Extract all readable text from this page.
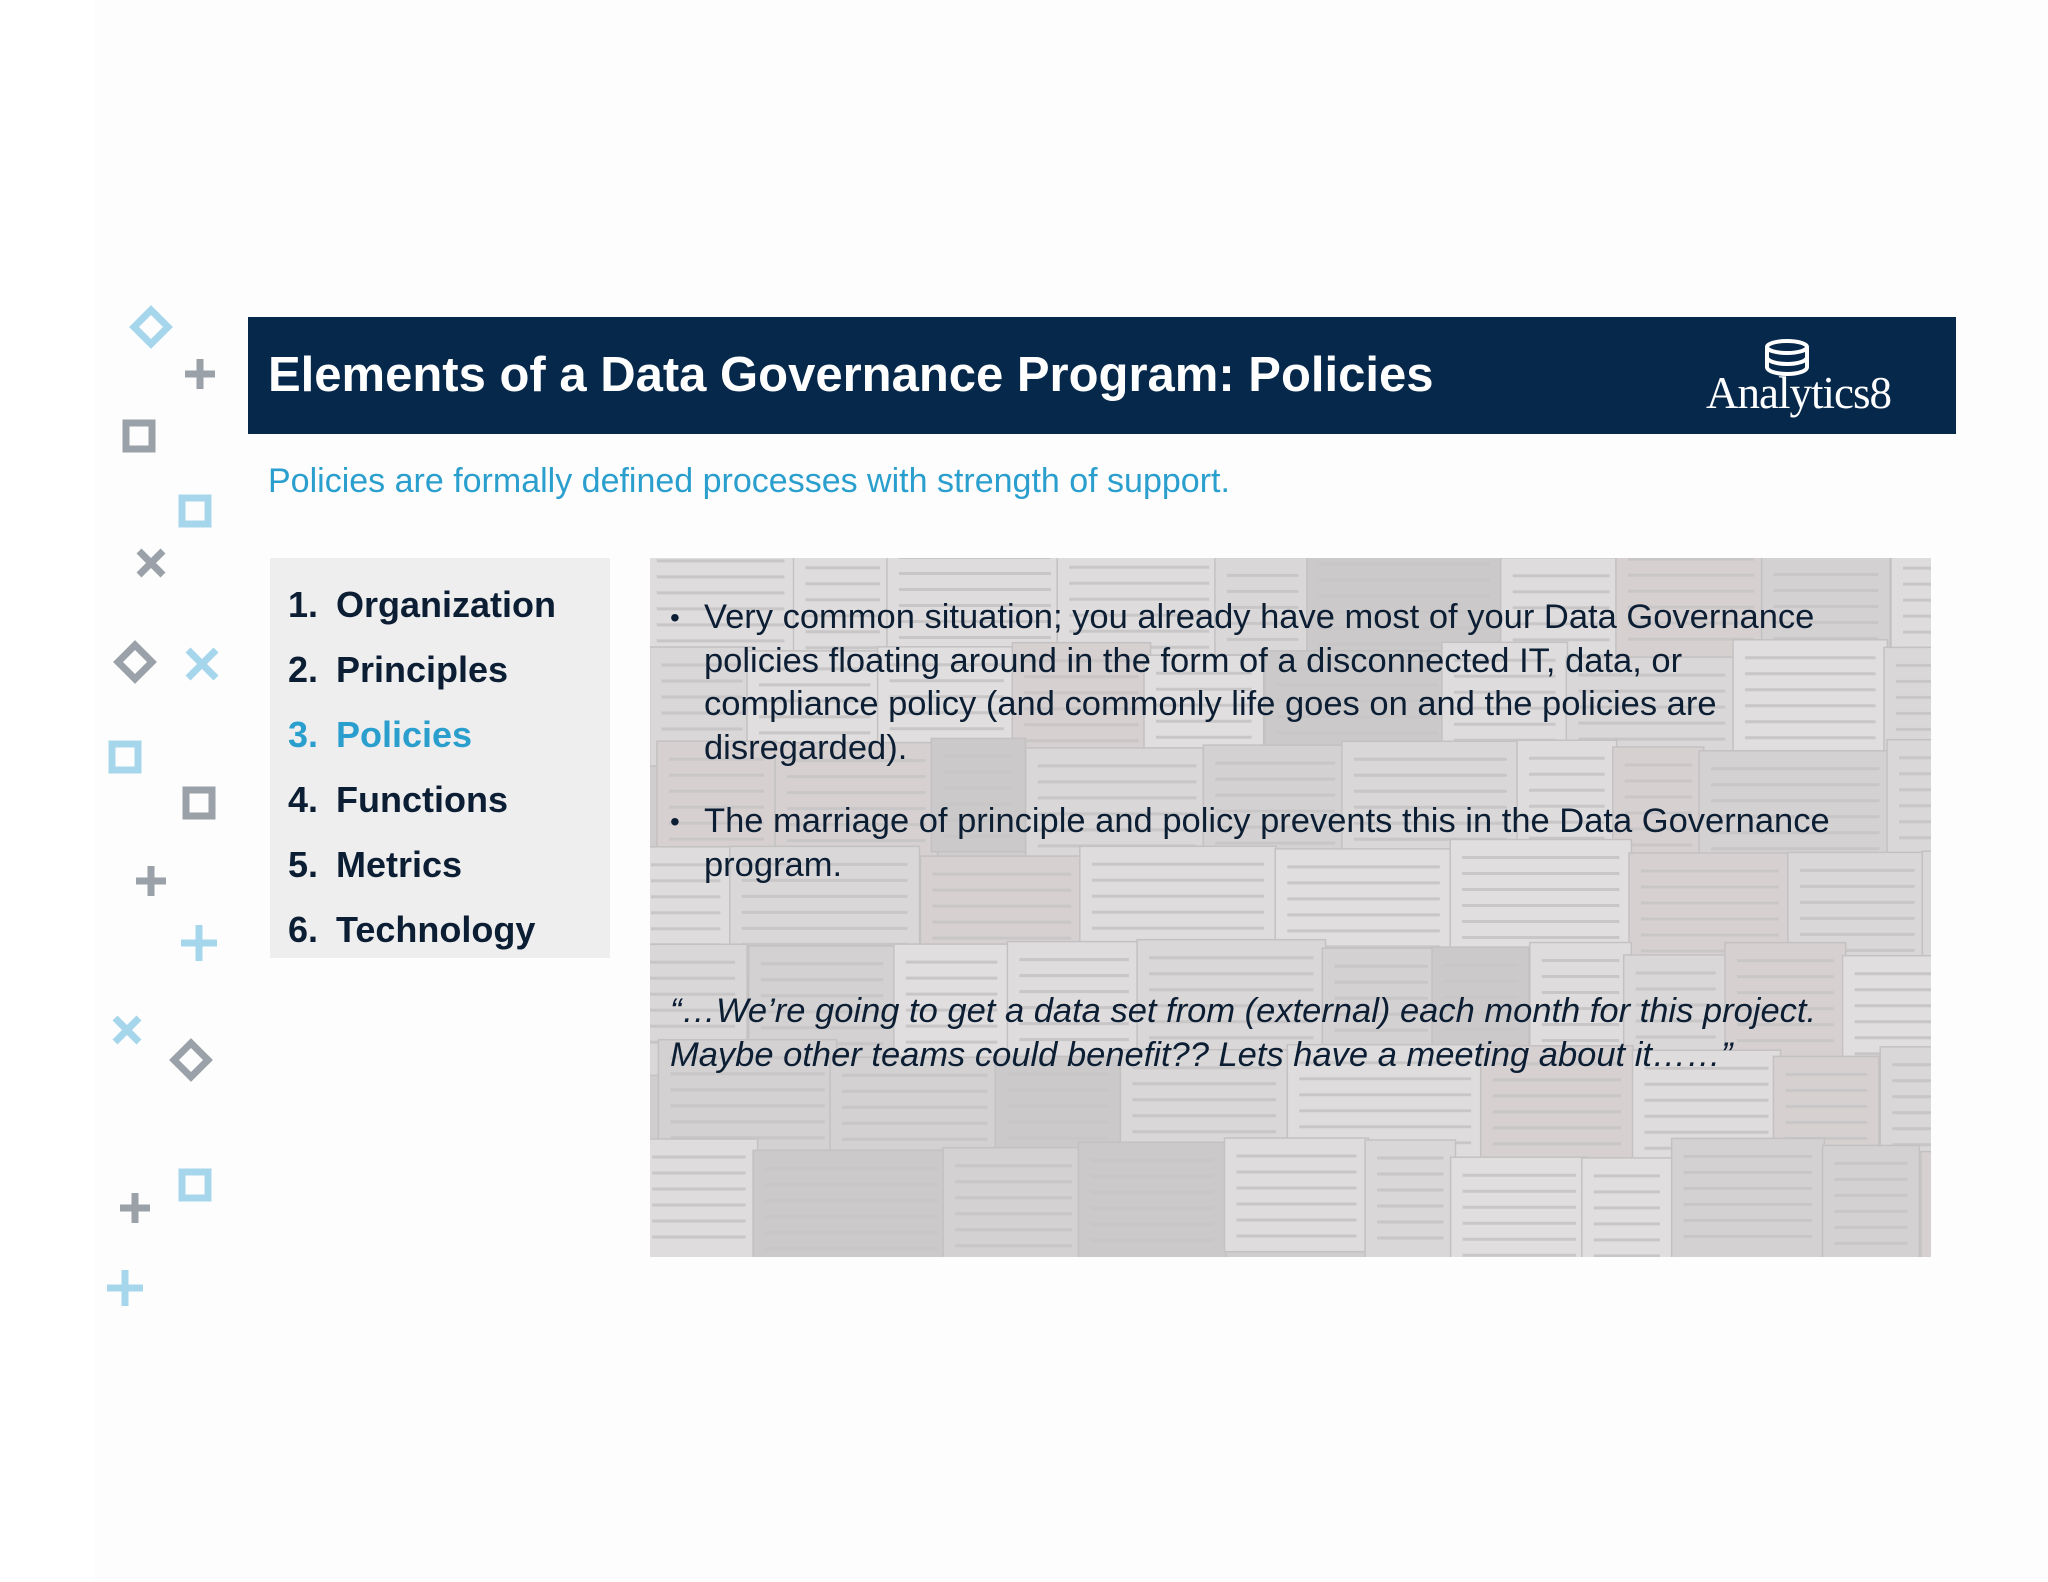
Elements of a Data Governance Program: Policies	Analytics8
Policies are formally defined processes with strength of support.
1. Organization
2. Principles
3. Policies
4. Functions
5. Metrics
6. Technology
• Very common situation; you already have most of your Data Governance policies floating around in the form of a disconnected IT, data, or compliance policy (and commonly life goes on and the policies are disregarded).
• The marriage of principle and policy prevents this in the Data Governance program.
“…We’re going to get a data set from (external) each month for this project. Maybe other teams could benefit?? Lets have a meeting about it……”
